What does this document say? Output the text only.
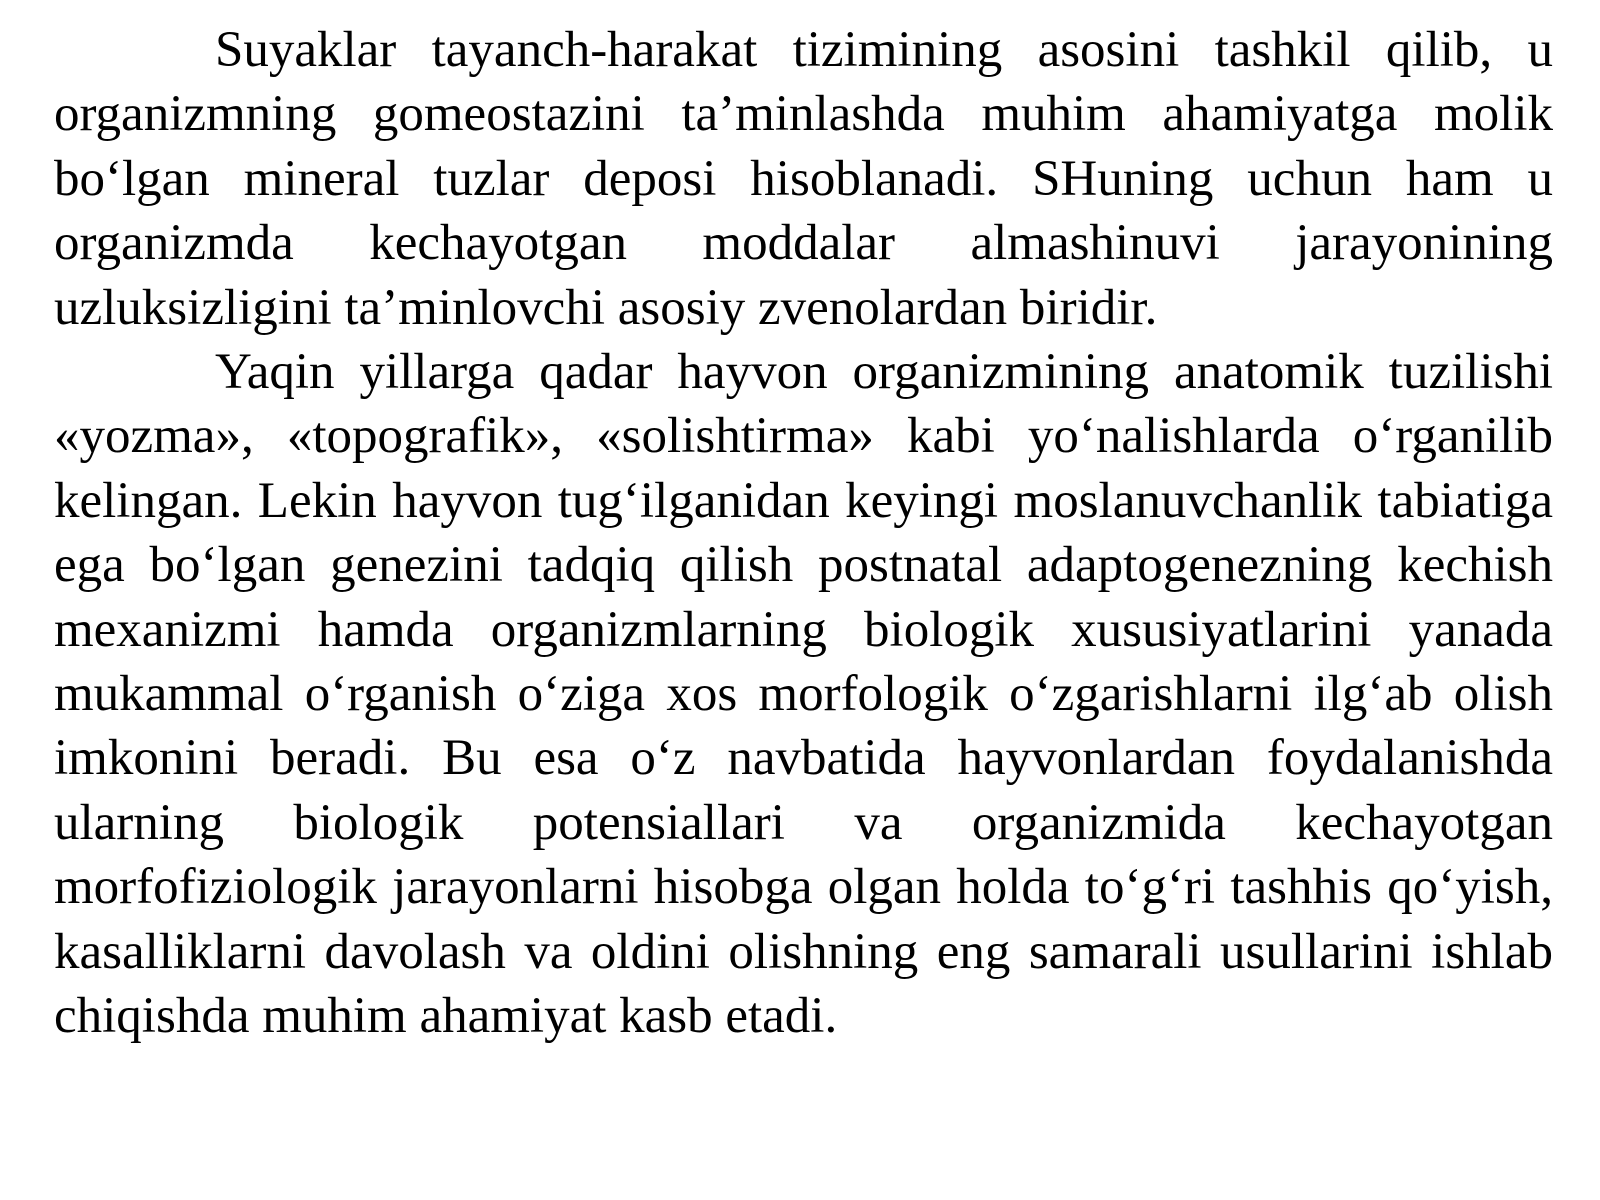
Suyaklar tayanch-harakat tizimining asosini tashkil qilib, u organizmning gomeostazini ta’minlashda muhim ahamiyatga molik bo‘lgan mineral tuzlar deposi hisoblanadi. SHuning uchun ham u organizmda kechayotgan moddalar almashinuvi jarayonining uzluksizligini ta’minlovchi asosiy zvenolardan biridir.

Yaqin yillarga qadar hayvon organizmining anatomik tuzilishi «yozma», «topografik», «solishtirma» kabi yo‘nalishlarda o‘rganilib kelingan. Lekin hayvon tug‘ilganidan keyingi moslanuvchanlik tabiatiga ega bo‘lgan genezini tadqiq qilish postnatal adaptogenezning kechish mexanizmi hamda organizmlarning biologik xususiyatlarini yanada mukammal o‘rganish o‘ziga xos morfologik o‘zgarishlarni ilg‘ab olish imkonini beradi. Bu esa o‘z navbatida hayvonlardan foydalanishda ularning biologik potensiallari va organizmida kechayotgan morfofiziologik jarayonlarni hisobga olgan holda to‘g‘ri tashhis qo‘yish, kasalliklarni davolash va oldini olishning eng samarali usullarini ishlab chiqishda muhim ahamiyat kasb etadi.
